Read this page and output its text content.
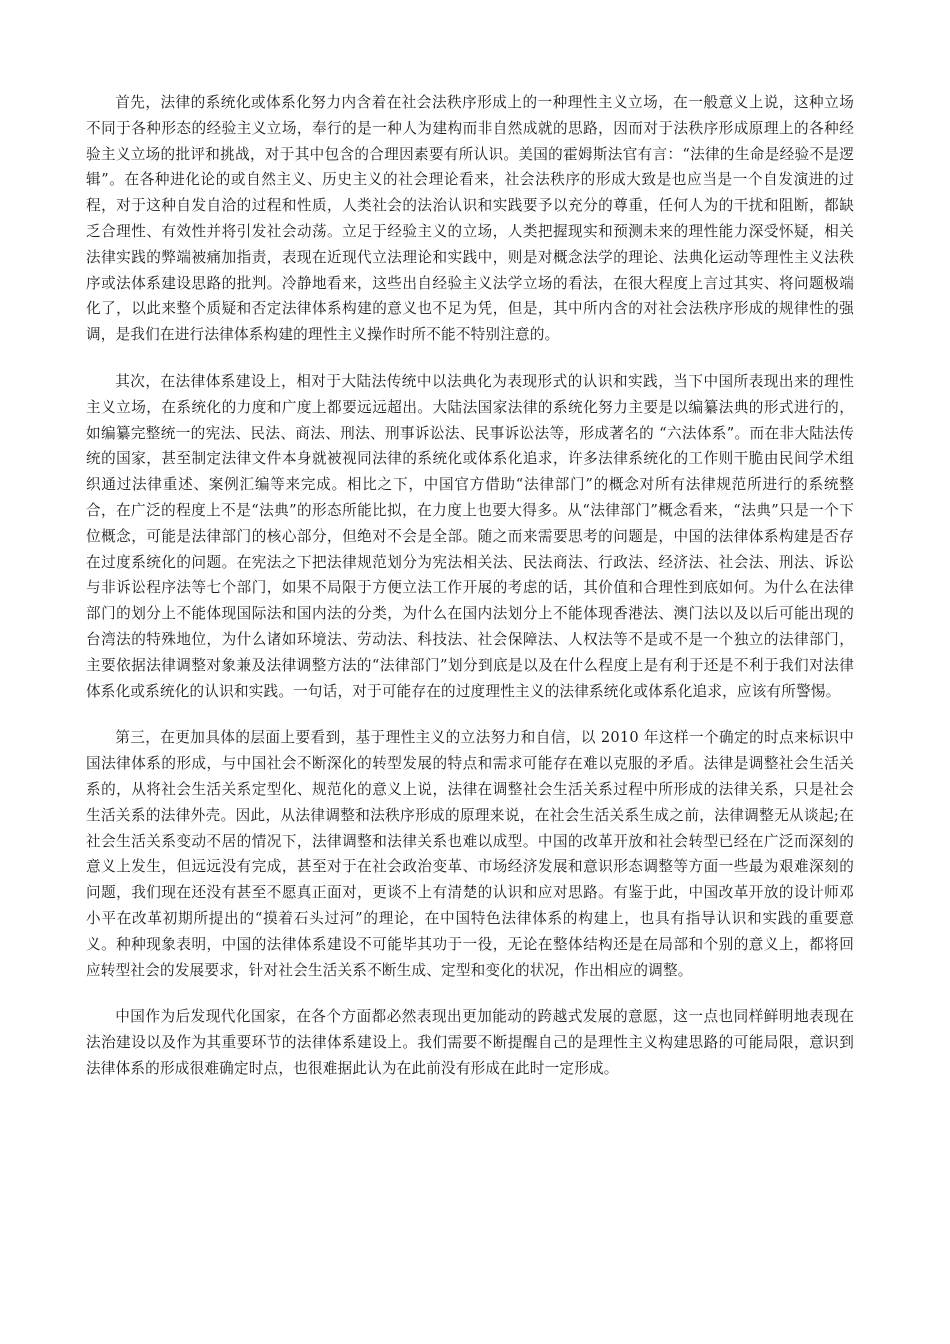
首先，法律的系统化或体系化努力内含着在社会法秩序形成上的一种理性主义立场，在一般意义上说，这种立场不同于各种形态的经验主义立场，奉行的是一种人为建构而非自然成就的思路，因而对于法秩序形成原理上的各种经验主义立场的批评和挑战，对于其中包含的合理因素要有所认识。美国的霍姆斯法官有言：“法律的生命是经验不是逻辑”。在各种进化论的或自然主义、历史主义的社会理论看来，社会法秩序的形成大致是也应当是一个自发演进的过程，对于这种自发自洽的过程和性质，人类社会的法治认识和实践要予以充分的尊重，任何人为的干扰和阻断，都缺乏合理性、有效性并将引发社会动荡。立足于经验主义的立场，人类把握现实和预测未来的理性能力深受怀疑，相关法律实践的弊端被痛加指责，表现在近现代立法理论和实践中，则是对概念法学的理论、法典化运动等理性主义法秩序或法体系建设思路的批判。冷静地看来，这些出自经验主义法学立场的看法，在很大程度上言过其实、将问题极端化了，以此来整个质疑和否定法律体系构建的意义也不足为凭，但是，其中所内含的对社会法秩序形成的规律性的强调，是我们在进行法律体系构建的理性主义操作时所不能不特别注意的。

其次，在法律体系建设上，相对于大陆法传统中以法典化为表现形式的认识和实践，当下中国所表现出来的理性主义立场，在系统化的力度和广度上都要远远超出。大陆法国家法律的系统化努力主要是以编纂法典的形式进行的，如编纂完整统一的宪法、民法、商法、刑法、刑事诉讼法、民事诉讼法等，形成著名的 “六法体系”。而在非大陆法传统的国家，甚至制定法律文件本身就被视同法律的系统化或体系化追求，许多法律系统化的工作则干脆由民间学术组织通过法律重述、案例汇编等来完成。相比之下，中国官方借助“法律部门”的概念对所有法律规范所进行的系统整合，在广泛的程度上不是“法典”的形态所能比拟，在力度上也要大得多。从“法律部门”概念看来，“法典”只是一个下位概念，可能是法律部门的核心部分，但绝对不会是全部。随之而来需要思考的问题是，中国的法律体系构建是否存在过度系统化的问题。在宪法之下把法律规范划分为宪法相关法、民法商法、行政法、经济法、社会法、刑法、诉讼与非诉讼程序法等七个部门，如果不局限于方便立法工作开展的考虑的话，其价值和合理性到底如何。为什么在法律部门的划分上不能体现国际法和国内法的分类，为什么在国内法划分上不能体现香港法、澳门法以及以后可能出现的台湾法的特殊地位，为什么诸如环境法、劳动法、科技法、社会保障法、人权法等不是或不是一个独立的法律部门，主要依据法律调整对象兼及法律调整方法的“法律部门”划分到底是以及在什么程度上是有利于还是不利于我们对法律体系化或系统化的认识和实践。一句话，对于可能存在的过度理性主义的法律系统化或体系化追求，应该有所警惕。

第三，在更加具体的层面上要看到，基于理性主义的立法努力和自信，以 2010 年这样一个确定的时点来标识中国法律体系的形成，与中国社会不断深化的转型发展的特点和需求可能存在难以克服的矛盾。法律是调整社会生活关系的，从将社会生活关系定型化、规范化的意义上说，法律在调整社会生活关系过程中所形成的法律关系，只是社会生活关系的法律外壳。因此，从法律调整和法秩序形成的原理来说，在社会生活关系生成之前，法律调整无从谈起;在社会生活关系变动不居的情况下，法律调整和法律关系也难以成型。中国的改革开放和社会转型已经在广泛而深刻的意义上发生，但远远没有完成，甚至对于在社会政治变革、市场经济发展和意识形态调整等方面一些最为艰难深刻的问题，我们现在还没有甚至不愿真正面对，更谈不上有清楚的认识和应对思路。有鉴于此，中国改革开放的设计师邓小平在改革初期所提出的“摸着石头过河”的理论，在中国特色法律体系的构建上，也具有指导认识和实践的重要意义。种种现象表明，中国的法律体系建设不可能毕其功于一役，无论在整体结构还是在局部和个别的意义上，都将回应转型社会的发展要求，针对社会生活关系不断生成、定型和变化的状况，作出相应的调整。

中国作为后发现代化国家，在各个方面都必然表现出更加能动的跨越式发展的意愿，这一点也同样鲜明地表现在法治建设以及作为其重要环节的法律体系建设上。我们需要不断提醒自己的是理性主义构建思路的可能局限，意识到法律体系的形成很难确定时点，也很难据此认为在此前没有形成在此时一定形成。
